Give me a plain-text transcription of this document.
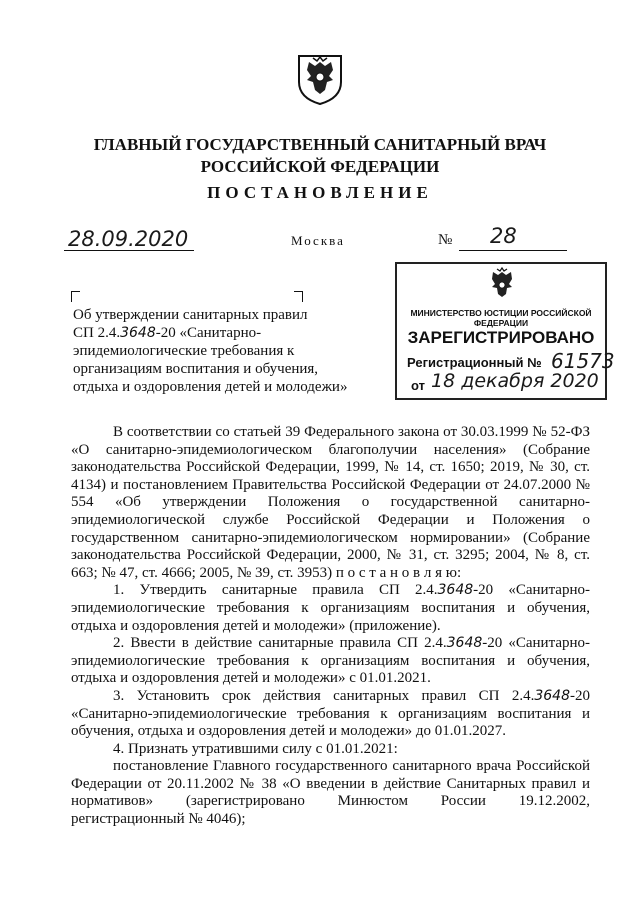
ГЛАВНЫЙ ГОСУДАРСТВЕННЫЙ САНИТАРНЫЙ ВРАЧ
РОССИЙСКОЙ ФЕДЕРАЦИИ
ПОСТАНОВЛЕНИЕ
28.09.2020	Москва	№ 28
Об утверждении санитарных правил
СП 2.4.3648-20 «Санитарно-
эпидемиологические требования к
организациям воспитания и обучения,
отдыха и оздоровления детей и молодежи»
МИНИСТЕРСТВО ЮСТИЦИИ РОССИЙСКОЙ ФЕДЕРАЦИИ
ЗАРЕГИСТРИРОВАНО
Регистрационный № 61573
от 18 декабря 2020

В соответствии со статьей 39 Федерального закона от 30.03.1999 № 52-ФЗ «О санитарно-эпидемиологическом благополучии населения» (Собрание законодательства Российской Федерации, 1999, № 14, ст. 1650; 2019, № 30, ст. 4134) и постановлением Правительства Российской Федерации от 24.07.2000 № 554 «Об утверждении Положения о государственной санитарно-эпидемиологической службе Российской Федерации и Положения о государственном санитарно-эпидемиологическом нормировании» (Собрание законодательства Российской Федерации, 2000, № 31, ст. 3295; 2004, № 8, ст. 663; № 47, ст. 4666; 2005, № 39, ст. 3953) п о с т а н о в л я ю:

1. Утвердить санитарные правила СП 2.4.3648-20 «Санитарно-эпидемиологические требования к организациям воспитания и обучения, отдыха и оздоровления детей и молодежи» (приложение).

2. Ввести в действие санитарные правила СП 2.4.3648-20 «Санитарно-эпидемиологические требования к организациям воспитания и обучения, отдыха и оздоровления детей и молодежи» с 01.01.2021.

3. Установить срок действия санитарных правил СП 2.4.3648-20 «Санитарно-эпидемиологические требования к организациям воспитания и обучения, отдыха и оздоровления детей и молодежи» до 01.01.2027.

4. Признать утратившими силу с 01.01.2021:

постановление Главного государственного санитарного врача Российской Федерации от 20.11.2002 № 38 «О введении в действие Санитарных правил и нормативов» (зарегистрировано Минюстом России 19.12.2002, регистрационный № 4046);
